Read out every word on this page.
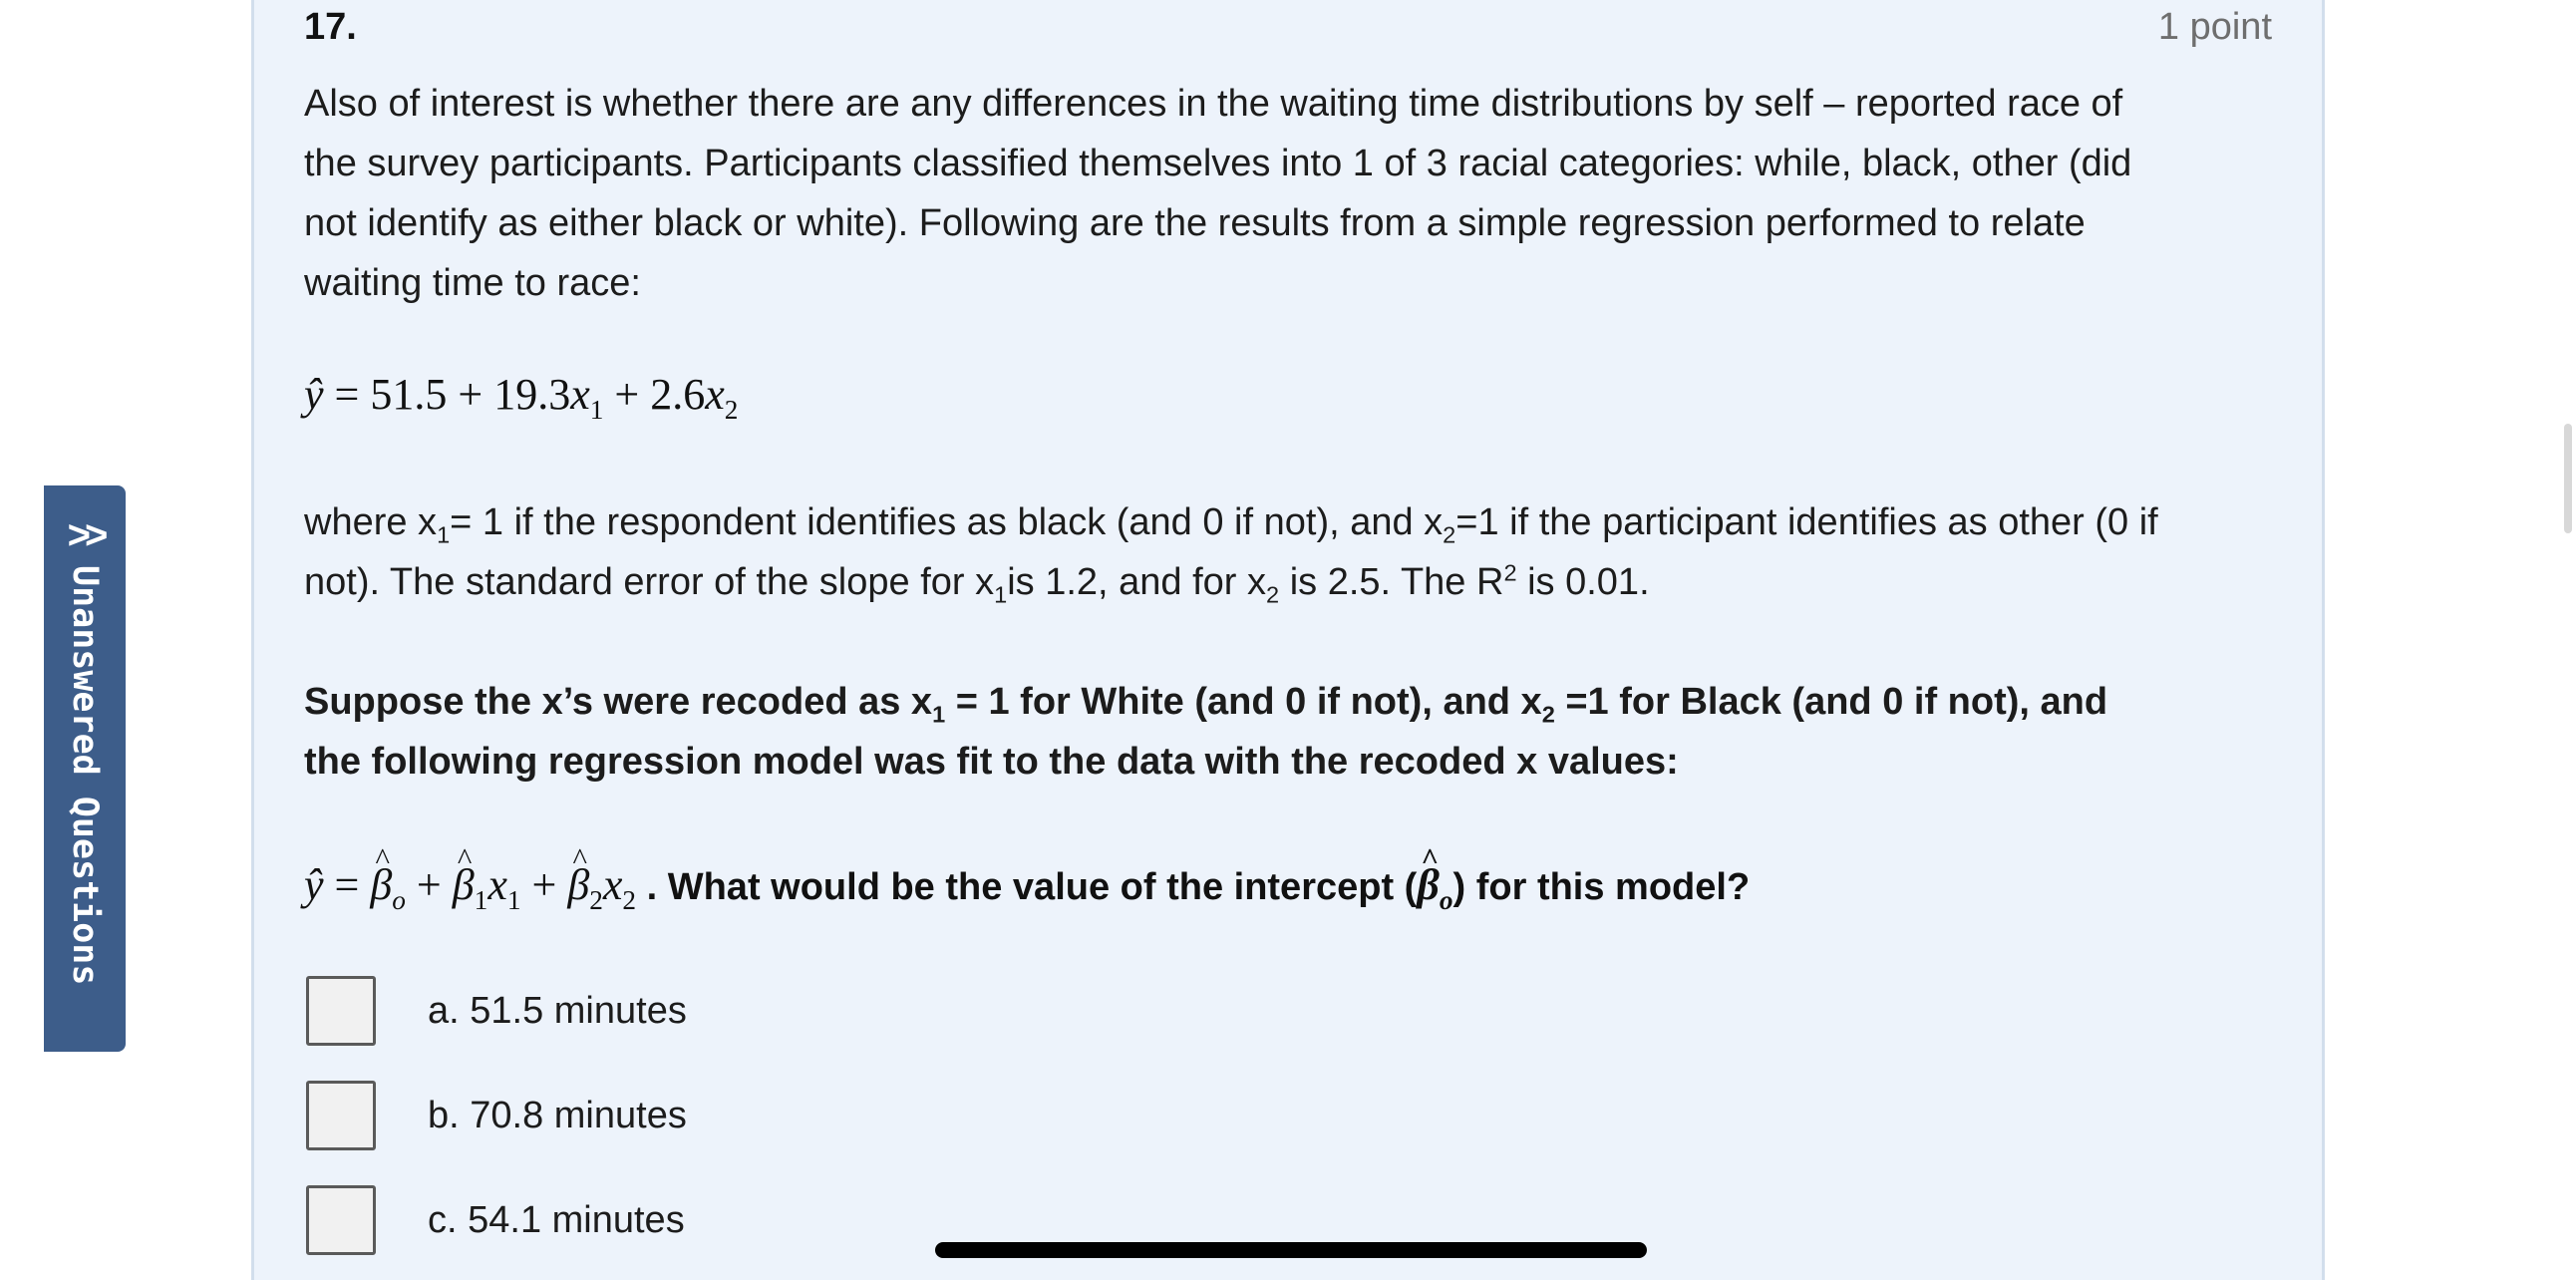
17.	1 point
Also of interest is whether there are any differences in the waiting time distributions by self – reported race of the survey participants. Participants classified themselves into 1 of 3 racial categories: while, black, other (did not identify as either black or white). Following are the results from a simple regression performed to relate waiting time to race:
ŷ = $51.5 + 19.3x_1 + 2.6x_2$
where $x_1= 1$ if the respondent identifies as black (and 0 if not), and $x_2=1$ if the participant identifies as other (0 if not). The standard error of the slope for $x_1is$ 1.2, and for $x_2$ is 2.5. The $R^2$ is 0.01.
Suppose the x’s were recoded as $x_1 = 1$ for White (and 0 if not), and $x_2 =1$ for Black (and 0 if not), and the following regression model was fit to the data with the recoded x values:
ŷ = ^ $\beta_o$ + ^ $\beta_1x_1$ + ^ $\beta_2x_2$ . What would be the value of the intercept (^ $\beta_o$) for this model?
a. 51.5 minutes
b. 70.8 minutes
c. 54.1 minutes
>>
Unanswered Questions
